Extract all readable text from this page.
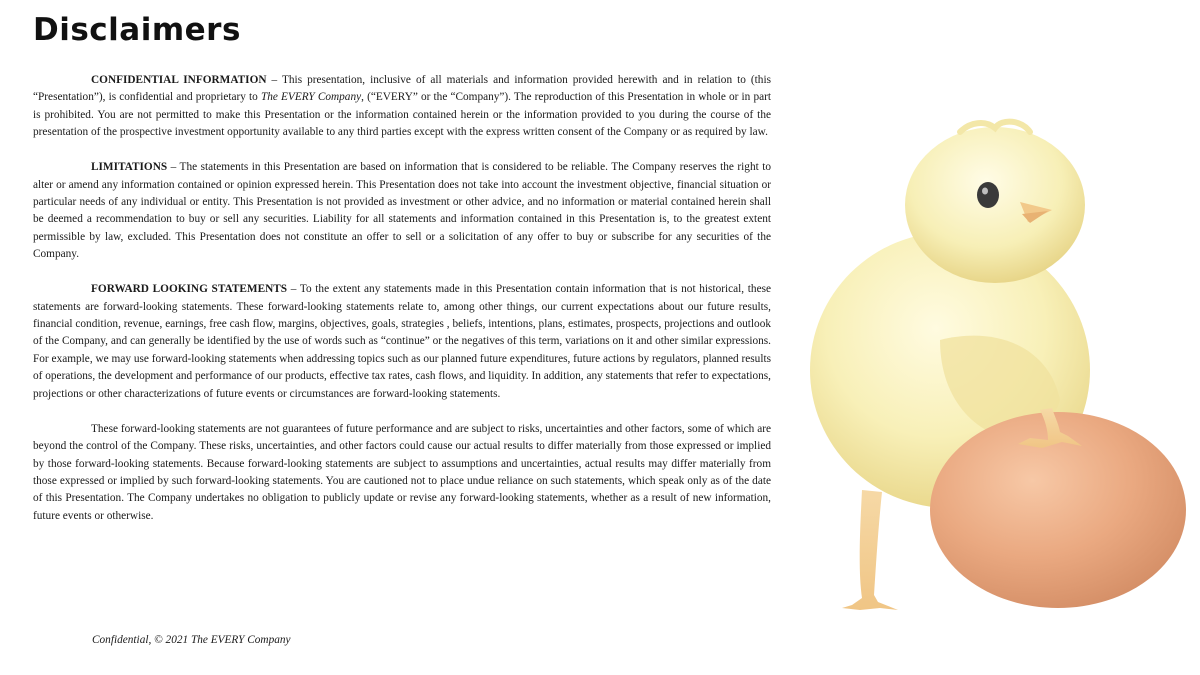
Disclaimers

CONFIDENTIAL INFORMATION – This presentation, inclusive of all materials and information provided herewith and in relation to (this “Presentation”), is confidential and proprietary to The EVERY Company, (“EVERY” or the “Company”). The reproduction of this Presentation in whole or in part is prohibited. You are not permitted to make this Presentation or the information contained herein or the information provided to you during the course of the presentation of the prospective investment opportunity available to any third parties except with the express written consent of the Company or as required by law.

LIMITATIONS – The statements in this Presentation are based on information that is considered to be reliable. The Company reserves the right to alter or amend any information contained or opinion expressed herein. This Presentation does not take into account the investment objective, financial situation or particular needs of any individual or entity. This Presentation is not provided as investment or other advice, and no information or material contained herein shall be deemed a recommendation to buy or sell any securities. Liability for all statements and information contained in this Presentation is, to the greatest extent permissible by law, excluded. This Presentation does not constitute an offer to sell or a solicitation of any offer to buy or subscribe for any securities of the Company.

FORWARD LOOKING STATEMENTS – To the extent any statements made in this Presentation contain information that is not historical, these statements are forward-looking statements. These forward-looking statements relate to, among other things, our current expectations about our future results, financial condition, revenue, earnings, free cash flow, margins, objectives, goals, strategies , beliefs, intentions, plans, estimates, prospects, projections and outlook of the Company, and can generally be identified by the use of words such as “continue” or the negatives of this term, variations on it and other similar expressions. For example, we may use forward-looking statements when addressing topics such as our planned future expenditures, future actions by regulators, planned results of operations, the development and performance of our products, effective tax rates, cash flows, and liquidity. In addition, any statements that refer to expectations, projections or other characterizations of future events or circumstances are forward-looking statements.

These forward-looking statements are not guarantees of future performance and are subject to risks, uncertainties and other factors, some of which are beyond the control of the Company. These risks, uncertainties, and other factors could cause our actual results to differ materially from those expressed or implied by those forward-looking statements. Because forward-looking statements are subject to assumptions and uncertainties, actual results may differ materially from those expressed or implied by such forward-looking statements. You are cautioned not to place undue reliance on such statements, which speak only as of the date of this Presentation. The Company undertakes no obligation to publicly update or revise any forward-looking statements, whether as a result of new information, future events or otherwise.

Confidential, © 2021 The EVERY Company
